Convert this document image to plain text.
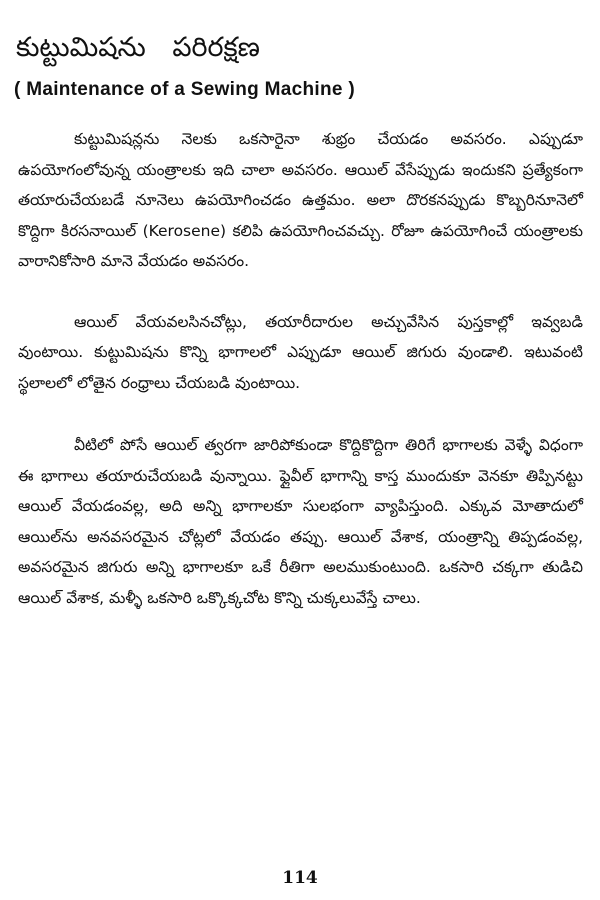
కుట్టుమిషను పరిరక్షణ
( Maintenance of a Sewing Machine )

కుట్టుమిషన్లను నెలకు ఒకసారైనా శుభ్రం చేయడం అవసరం. ఎప్పుడూ ఉపయోగంలోవున్న యంత్రాలకు ఇది చాలా అవసరం. ఆయిల్ వేసేప్పుడు ఇందుకని ప్రత్యేకంగా తయారుచేయబడే నూనెలు ఉపయోగించడం ఉత్తమం. అలా దొరకనప్పుడు కొబ్బరినూనెలో కొద్దిగా కిరసనాయిల్ (Kerosene) కలిపి ఉపయోగించవచ్చు. రోజూ ఉపయోగించే యంత్రాలకు వారానికోసారి మానె వేయడం అవసరం.

ఆయిల్ వేయవలసినచోట్లు, తయారీదారుల అచ్చువేసిన పుస్తకాల్లో ఇవ్వబడి వుంటాయి. కుట్టుమిషను కొన్ని భాగాలలో ఎప్పుడూ ఆయిల్ జిగురు వుండాలి. ఇటువంటి స్థలాలలో లోతైన రంధ్రాలు చేయబడి వుంటాయి.

వీటిలో పోసే ఆయిల్ త్వరగా జారిపోకుండా కొద్దికొద్దిగా తిరిగే భాగాలకు వెళ్ళే విధంగా ఈ భాగాలు తయారుచేయబడి వున్నాయి. ఫ్లైవీల్ భాగాన్ని కాస్త ముందుకూ వెనకూ తిప్పినట్టు ఆయిల్ వేయడంవల్ల, అది అన్ని భాగాలకూ సులభంగా వ్యాపిస్తుంది. ఎక్కువ మోతాదులో ఆయిల్‌ను అనవసరమైన చోట్లలో వేయడం తప్పు. ఆయిల్ వేశాక, యంత్రాన్ని తిప్పడంవల్ల, అవసరమైన జిగురు అన్ని భాగాలకూ ఒకే రీతిగా అలముకుంటుంది. ఒకసారి చక్కగా తుడిచి ఆయిల్ వేశాక, మళ్ళీ ఒకసారి ఒక్కొక్కచోట కొన్ని చుక్కలువేస్తే చాలు.

114
